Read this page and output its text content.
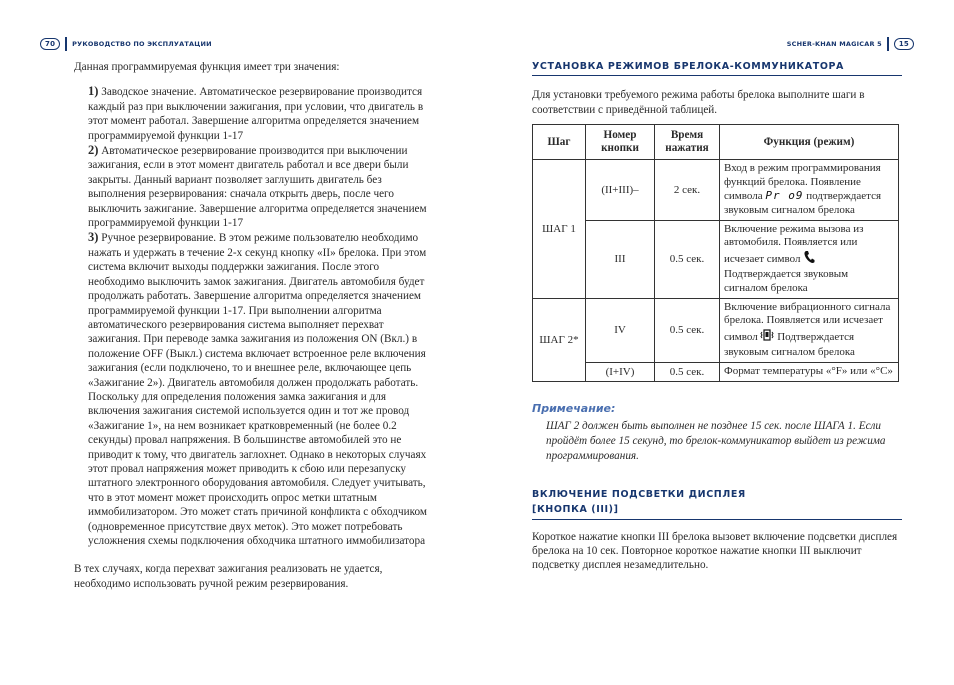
70	РУКОВОДСТВО ПО ЭКСПЛУАТАЦИИ	SCHER-KHAN MAGICAR 5	15

Данная программируемая функция имеет три значения:

1) Заводское значение. Автоматическое резервирование производится каждый раз при выключении зажигания, при условии, что двигатель в этот момент работал. Завершение алгоритма определяется значением программируемой функции 1-17

2) Автоматическое резервирование производится при выключении зажигания, если в этот момент двигатель работал и все двери были закрыты. Данный вариант позволяет заглушить двигатель без выполнения резервирования: сначала открыть дверь, после чего выключить зажигание. Завершение алгоритма определяется значением программируемой функции 1-17

3) Ручное резервирование. В этом режиме пользователю необходимо нажать и удержать в течение 2-х секунд кнопку «II» брелока. При этом система включит выходы поддержки зажигания. После этого необходимо выключить замок зажигания. Двигатель автомобиля будет продолжать работать. Завершение алгоритма определяется значением программируемой функции 1-17. При выполнении алгоритма автоматического резервирования система выполняет перехват зажигания. При переводе замка зажигания из положения ON (Вкл.) в положение OFF (Выкл.) система включает встроенное реле включения зажигания (если подключено, то и внешнее реле, включающее цепь «Зажигание 2»). Двигатель автомобиля должен продолжать работать. Поскольку для определения положения замка зажигания и для включения зажигания системой используется один и тот же провод «Зажигание 1», на нем возникает кратковременный (не более 0.2 секунды) провал напряжения. В большинстве автомобилей это не приводит к тому, что двигатель заглохнет. Однако в некоторых случаях этот провал напряжения может приводить к сбою или перезапуску штатного электронного оборудования автомобиля. Следует учитывать, что в этот момент может происходить опрос метки штатным иммобилизатором. Это может стать причиной конфликта с обходчиком (одновременное присутствие двух меток). Это может потребовать усложнения схемы подключения обходчика штатного иммобилизатора

В тех случаях, когда перехват зажигания реализовать не удается, необходимо использовать ручной режим резервирования.

УСТАНОВКА РЕЖИМОВ БРЕЛОКА-КОММУНИКАТОРА

Для установки требуемого режима работы брелока выполните шаги в соответствии с приведённой таблицей.

Шаг	Номер кнопки	Время нажатия	Функция (режим)
ШАГ 1	(II+III)–	2 сек.	Вход в режим программирования функций брелока. Появление символа Pr o9 подтверждается звуковым сигналом брелока
	III	0.5 сек.	Включение режима вызова из автомобиля. Появляется или исчезает символ  Подтверждается звуковым сигналом брелока
ШАГ 2*	IV	0.5 сек.	Включение вибрационного сигнала брелока. Появляется или исчезает символ Подтверждается звуковым сигналом брелока
	(I+IV)	0.5 сек.	Формат температуры «°F» или «°C»
Примечание:
ШАГ 2 должен быть выполнен не позднее 15 сек. после ШАГА 1. Если пройдёт более 15 секунд, то брелок-коммуникатор выйдет из режима программирования.
ВКЛЮЧЕНИЕ ПОДСВЕТКИ ДИСПЛЕЯ
[КНОПКА (III)]

Короткое нажатие кнопки III брелока вызовет включение подсветки дисплея брелока на 10 сек. Повторное короткое нажатие кнопки III выключит подсветку дисплея незамедлительно.
